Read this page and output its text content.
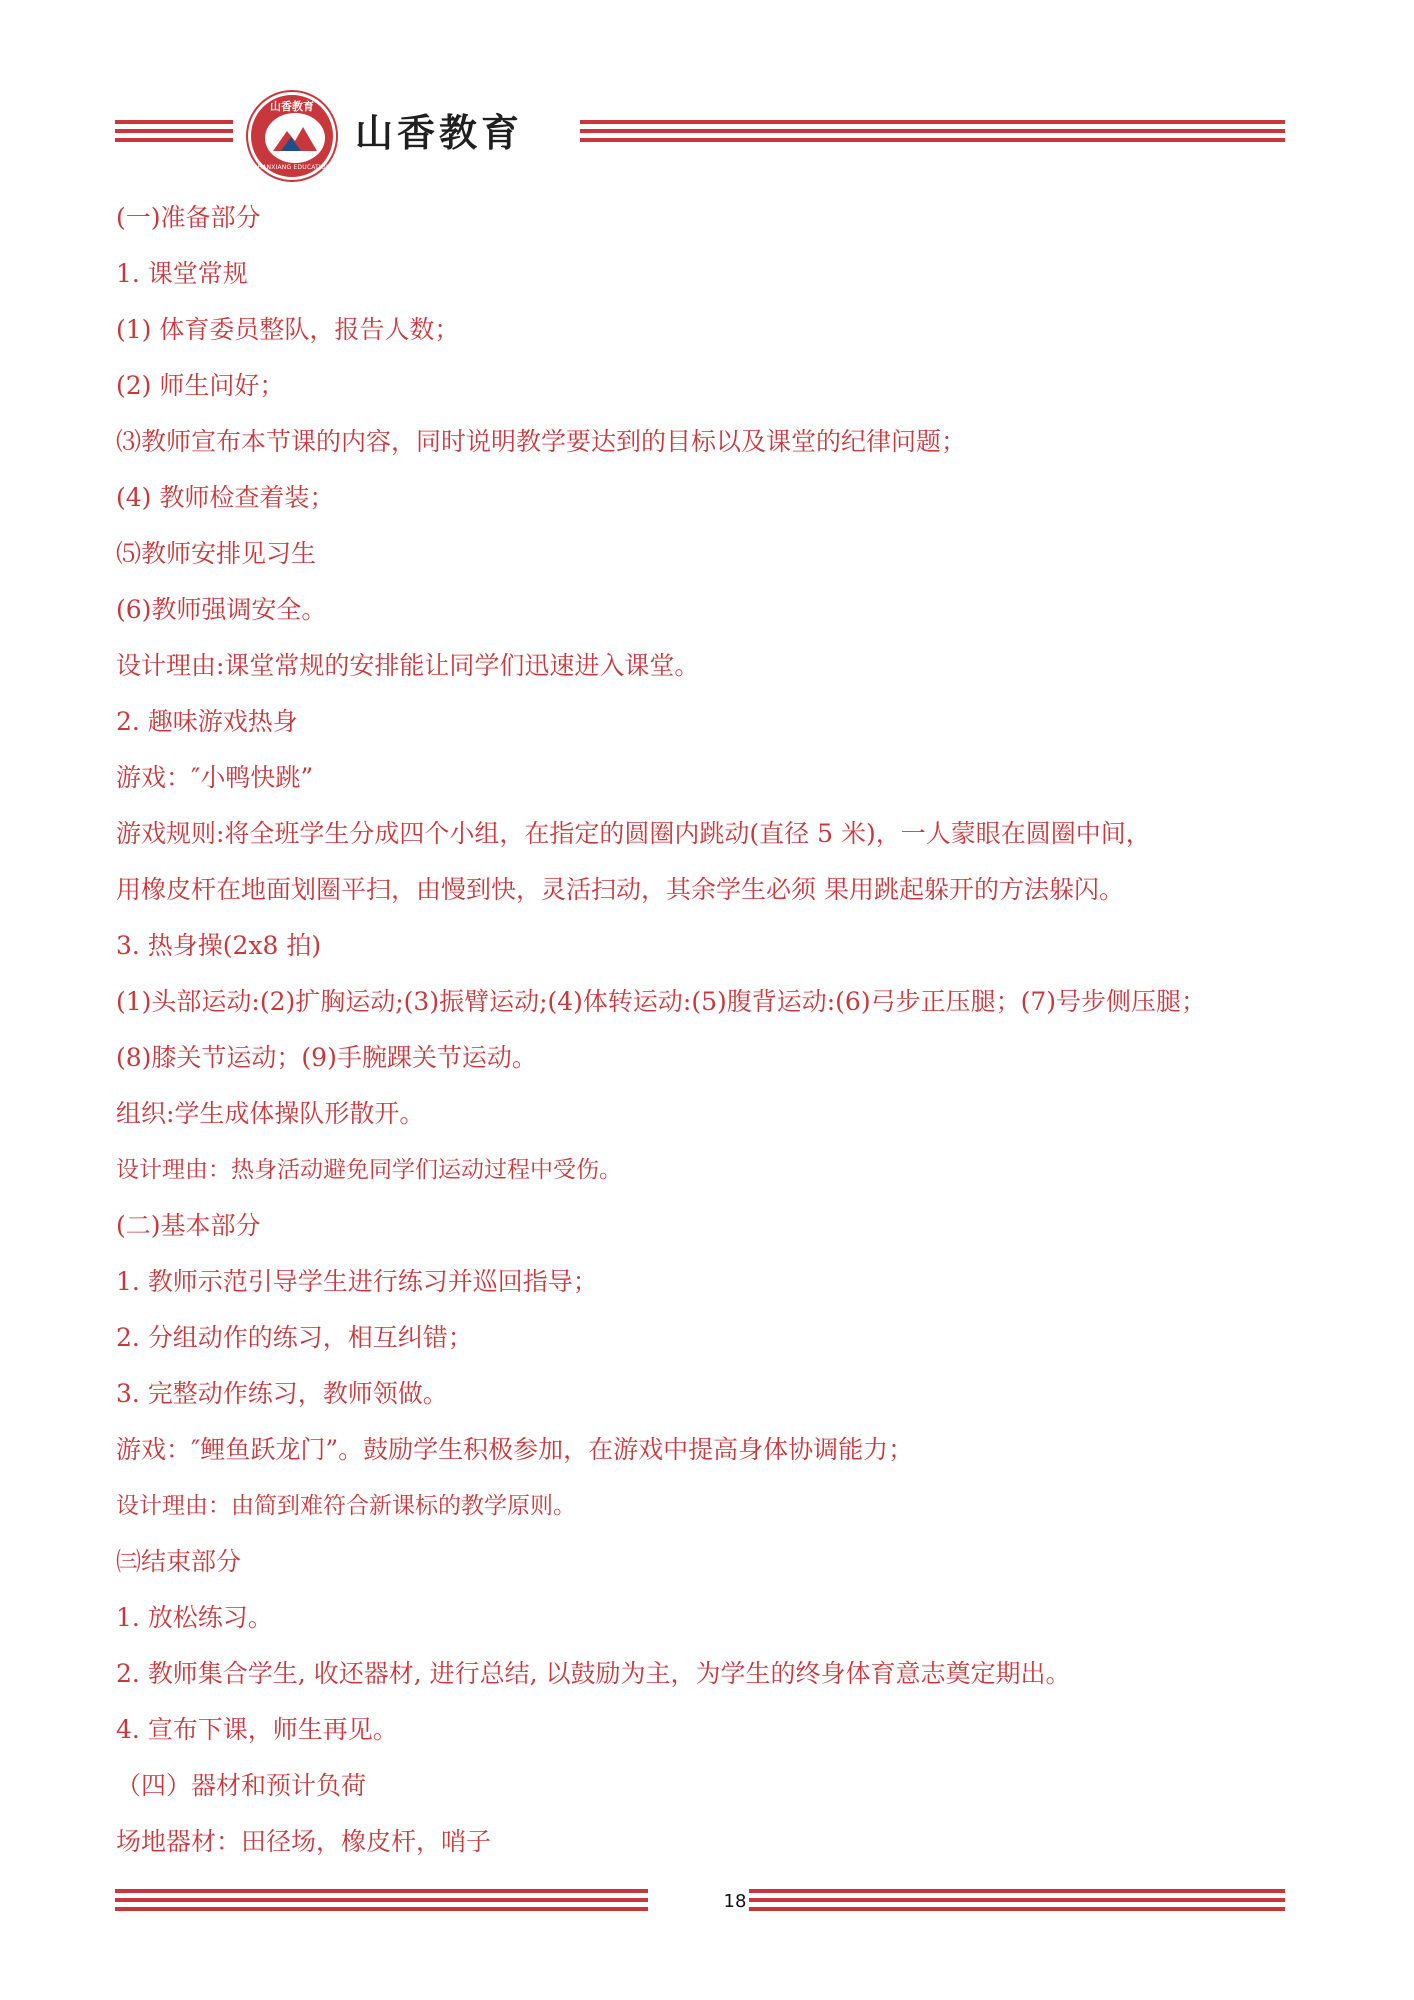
山香教育
SHANXIANG EDUCATION
山香教育
(一)准备部分
1. 课堂常规
(1) 体育委员整队，报告人数；
(2) 师生问好；
⑶教师宣布本节课的内容，同时说明教学要达到的目标以及课堂的纪律问题；
(4) 教师检查着装；
⑸教师安排见习生
(6)教师强调安全。
设计理由:课堂常规的安排能让同学们迅速进入课堂。
2. 趣味游戏热身
游戏：″小鸭快跳”
游戏规则:将全班学生分成四个小组，在指定的圆圈内跳动(直径 5 米)，一人蒙眼在圆圈中间，
用橡皮杆在地面划圈平扫，由慢到快，灵活扫动，其余学生必须 果用跳起躲开的方法躲闪。
3. 热身操(2x8 拍)
(1)头部运动:(2)扩胸运动;(3)振臂运动;(4)体转运动:(5)腹背运动:(6)弓步正压腿；(7)号步侧压腿；
(8)膝关节运动；(9)手腕踝关节运动。
组织:学生成体操队形散开。
设计理由：热身活动避免同学们运动过程中受伤。
(二)基本部分
1. 教师示范引导学生进行练习并巡回指导；
2. 分组动作的练习，相互纠错；
3. 完整动作练习，教师领做。
游戏：″鲤鱼跃龙门”。鼓励学生积极参加，在游戏中提高身体协调能力；
设计理由：由简到难符合新课标的教学原则。
㈢结束部分
1. 放松练习。
2. 教师集合学生, 收还器材, 进行总结, 以鼓励为主，为学生的终身体育意志奠定期出。
4. 宣布下课，师生再见。
（四）器材和预计负荷
场地器材：田径场，橡皮杆，哨子
18
